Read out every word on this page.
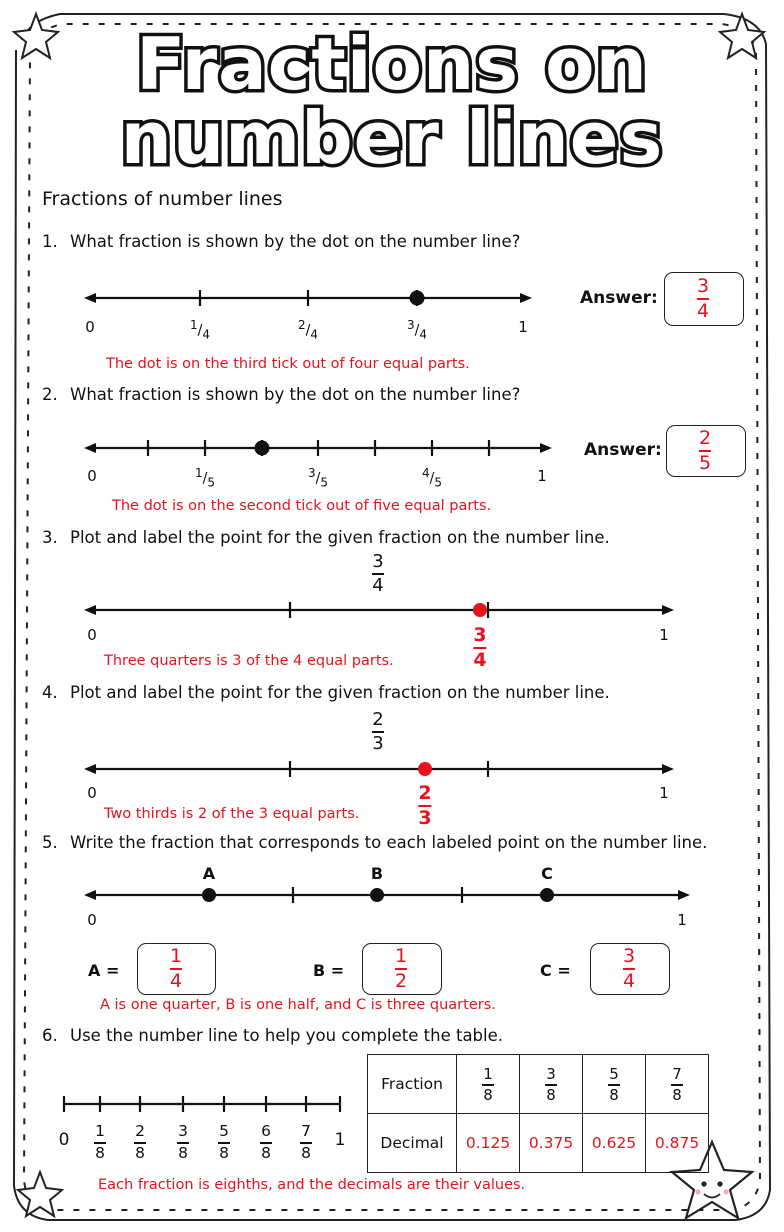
Fractions on
number lines
Fractions of number lines
1. What fraction is shown by the dot on the number line?
0	1
$^1/_4$
$^2/_4$
$^3/_4$
Answer:
3
4
The dot is on the third tick out of four equal parts.
2. What fraction is shown by the dot on the number line?
0	1
$^1/_5$
$^3/_5$
$^4/_5$
Answer:
2
5
The dot is on the second tick out of five equal parts.
3. Plot and label the point for the given fraction on the number line.
3
4
0	1
3
4
Three quarters is 3 of the 4 equal parts.
4. Plot and label the point for the given fraction on the number line.
2
3
0	1
2
3
Two thirds is 2 of the 3 equal parts.
5. Write the fraction that corresponds to each labeled point on the number line.
A	B	C
0	1
A =
1
4	B =
1
2	C =
3
4
A is one quarter, B is one half, and C is three quarters.
6. Use the number line to help you complete the table.
0	1
1
8
2
8
3
8
5
8
6
8
7
8
Fraction	$\frac{1}{8}$	$\frac{3}{8}$	$\frac{5}{8}$	$\frac{7}{8}$

Decimal	0.125	0.375	0.625	0.875
Each fraction is eighths, and the decimals are their values.
